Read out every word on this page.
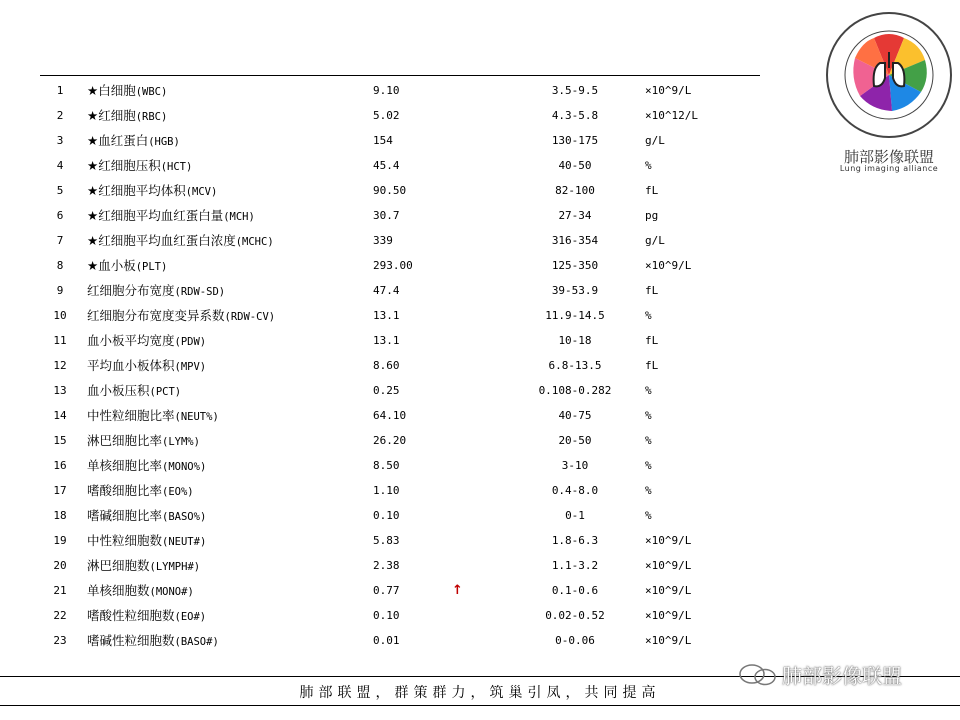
1	★白细胞(WBC)	9.10	3.5-9.5	×10^9/L
2	★红细胞(RBC)	5.02	4.3-5.8	×10^12/L
3	★血红蛋白(HGB)	154	130-175	g/L
4	★红细胞压积(HCT)	45.4	40-50	%
5	★红细胞平均体积(MCV)	90.50	82-100	fL
6	★红细胞平均血红蛋白量(MCH)	30.7	27-34	pg
7	★红细胞平均血红蛋白浓度(MCHC)	339	316-354	g/L
8	★血小板(PLT)	293.00	125-350	×10^9/L
9	红细胞分布宽度(RDW-SD)	47.4	39-53.9	fL
10	红细胞分布宽度变异系数(RDW-CV)	13.1	11.9-14.5	%
11	血小板平均宽度(PDW)	13.1	10-18	fL
12	平均血小板体积(MPV)	8.60	6.8-13.5	fL
13	血小板压积(PCT)	0.25	0.108-0.282	%
14	中性粒细胞比率(NEUT%)	64.10	40-75	%
15	淋巴细胞比率(LYM%)	26.20	20-50	%
16	单核细胞比率(MONO%)	8.50	3-10	%
17	嗜酸细胞比率(EO%)	1.10	0.4-8.0	%
18	嗜碱细胞比率(BASO%)	0.10	0-1	%
19	中性粒细胞数(NEUT#)	5.83	1.8-6.3	×10^9/L
20	淋巴细胞数(LYMPH#)	2.38	1.1-3.2	×10^9/L
21	单核细胞数(MONO#)	0.77	↑	0.1-0.6	×10^9/L
22	嗜酸性粒细胞数(EO#)	0.10	0.02-0.52	×10^9/L
23	嗜碱性粒细胞数(BASO#)	0.01	0-0.06	×10^9/L
肺部影像联盟
Lung imaging alliance
肺部联盟，群策群力，筑巢引凤，共同提高
肺部影像联盟
